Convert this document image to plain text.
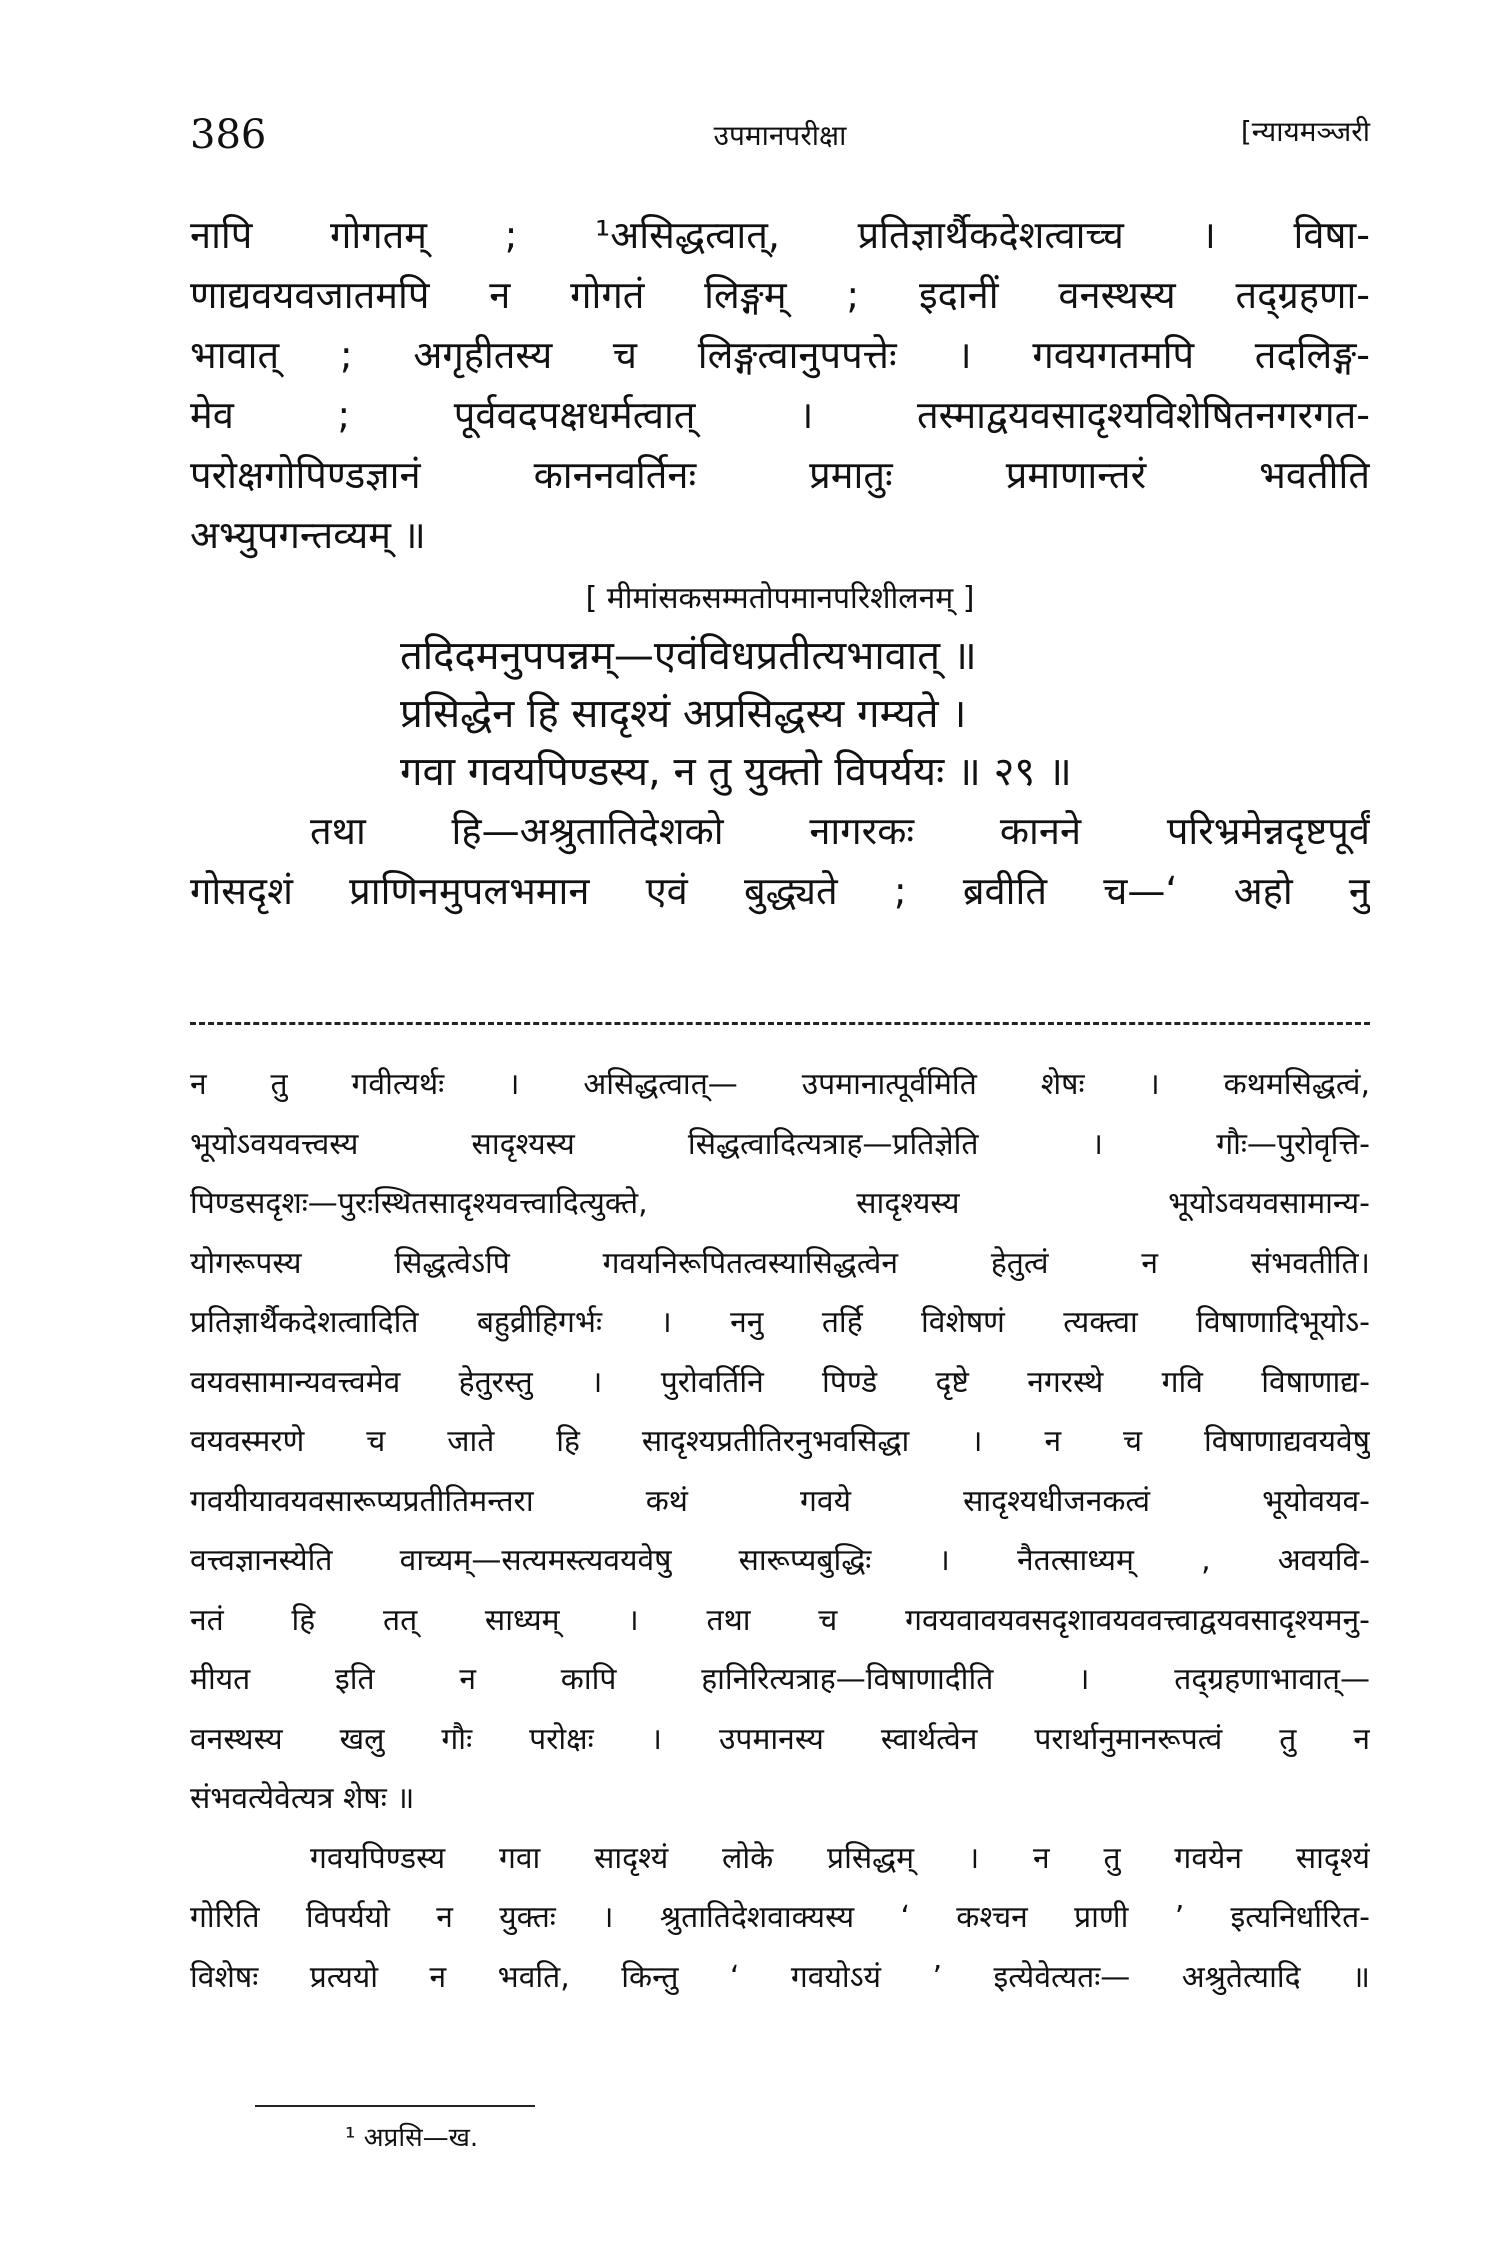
386	उपमानपरीक्षा	[न्यायमञ्जरी
नापि गोगतम् ; ¹असिद्धत्वात्, प्रतिज्ञार्थैकदेशत्वाच्च । विषा-
णाद्यवयवजातमपि न गोगतं लिङ्गम् ; इदानीं वनस्थस्य तद्ग्रहणा-
भावात् ; अगृहीतस्य च लिङ्गत्वानुपपत्तेः । गवयगतमपि तदलिङ्ग-
मेव ; पूर्ववदपक्षधर्मत्वात् । तस्माद्वयवसादृश्यविशेषितनगरगत-
परोक्षगोपिण्डज्ञानं काननवर्तिनः प्रमातुः प्रमाणान्तरं भवतीति
अभ्युपगन्तव्यम् ॥
[ मीमांसकसम्मतोपमानपरिशीलनम् ]
तदिदमनुपपन्नम्—एवंविधप्रतीत्यभावात् ॥
प्रसिद्धेन हि सादृश्यं अप्रसिद्धस्य गम्यते ।
गवा गवयपिण्डस्य, न तु युक्तो विपर्ययः ॥ २९ ॥
तथा हि—अश्रुतातिदेशको नागरकः कानने परिभ्रमेन्नदृष्टपूर्वं
गोसदृशं प्राणिनमुपलभमान एवं बुद्ध्यते ; ब्रवीति च—‘ अहो नु
न तु गवीत्यर्थः । असिद्धत्वात्— उपमानात्पूर्वमिति शेषः । कथमसिद्धत्वं,
भूयोऽवयवत्त्वस्य सादृश्यस्य सिद्धत्वादित्यत्राह—प्रतिज्ञेति । गौः—पुरोवृत्ति-
पिण्डसदृशः—पुरःस्थितसादृश्यवत्त्वादित्युक्ते, सादृश्यस्य भूयोऽवयवसामान्य-
योगरूपस्य सिद्धत्वेऽपि गवयनिरूपितत्वस्यासिद्धत्वेन हेतुत्वं न संभवतीति।
प्रतिज्ञार्थैकदेशत्वादिति बहुव्रीहिगर्भः । ननु तर्हि विशेषणं त्यक्त्वा विषाणादिभूयोऽ-
वयवसामान्यवत्त्वमेव हेतुरस्तु । पुरोवर्तिनि पिण्डे दृष्टे नगरस्थे गवि विषाणाद्य-
वयवस्मरणे च जाते हि सादृश्यप्रतीतिरनुभवसिद्धा । न च विषाणाद्यवयवेषु
गवयीयावयवसारूप्यप्रतीतिमन्तरा कथं गवये सादृश्यधीजनकत्वं भूयोवयव-
वत्त्वज्ञानस्येति वाच्यम्—सत्यमस्त्यवयवेषु सारूप्यबुद्धिः । नैतत्साध्यम् , अवयवि-
नतं हि तत् साध्यम् । तथा च गवयवावयवसदृशावयववत्त्वाद्वयवसादृश्यमनु-
मीयत इति न कापि हानिरित्यत्राह—विषाणादीति । तद्ग्रहणाभावात्—
वनस्थस्य खलु गौः परोक्षः । उपमानस्य स्वार्थत्वेन परार्थानुमानरूपत्वं तु न
संभवत्येवेत्यत्र शेषः ॥
गवयपिण्डस्य गवा सादृश्यं लोके प्रसिद्धम् । न तु गवयेन सादृश्यं
गोरिति विपर्ययो न युक्तः । श्रुतातिदेशवाक्यस्य ‘ कश्चन प्राणी ’ इत्यनिर्धारित-
विशेषः प्रत्ययो न भवति, किन्तु ‘ गवयोऽयं ’ इत्येवेत्यतः— अश्रुतेत्यादि ॥
¹ अप्रसि—ख.
